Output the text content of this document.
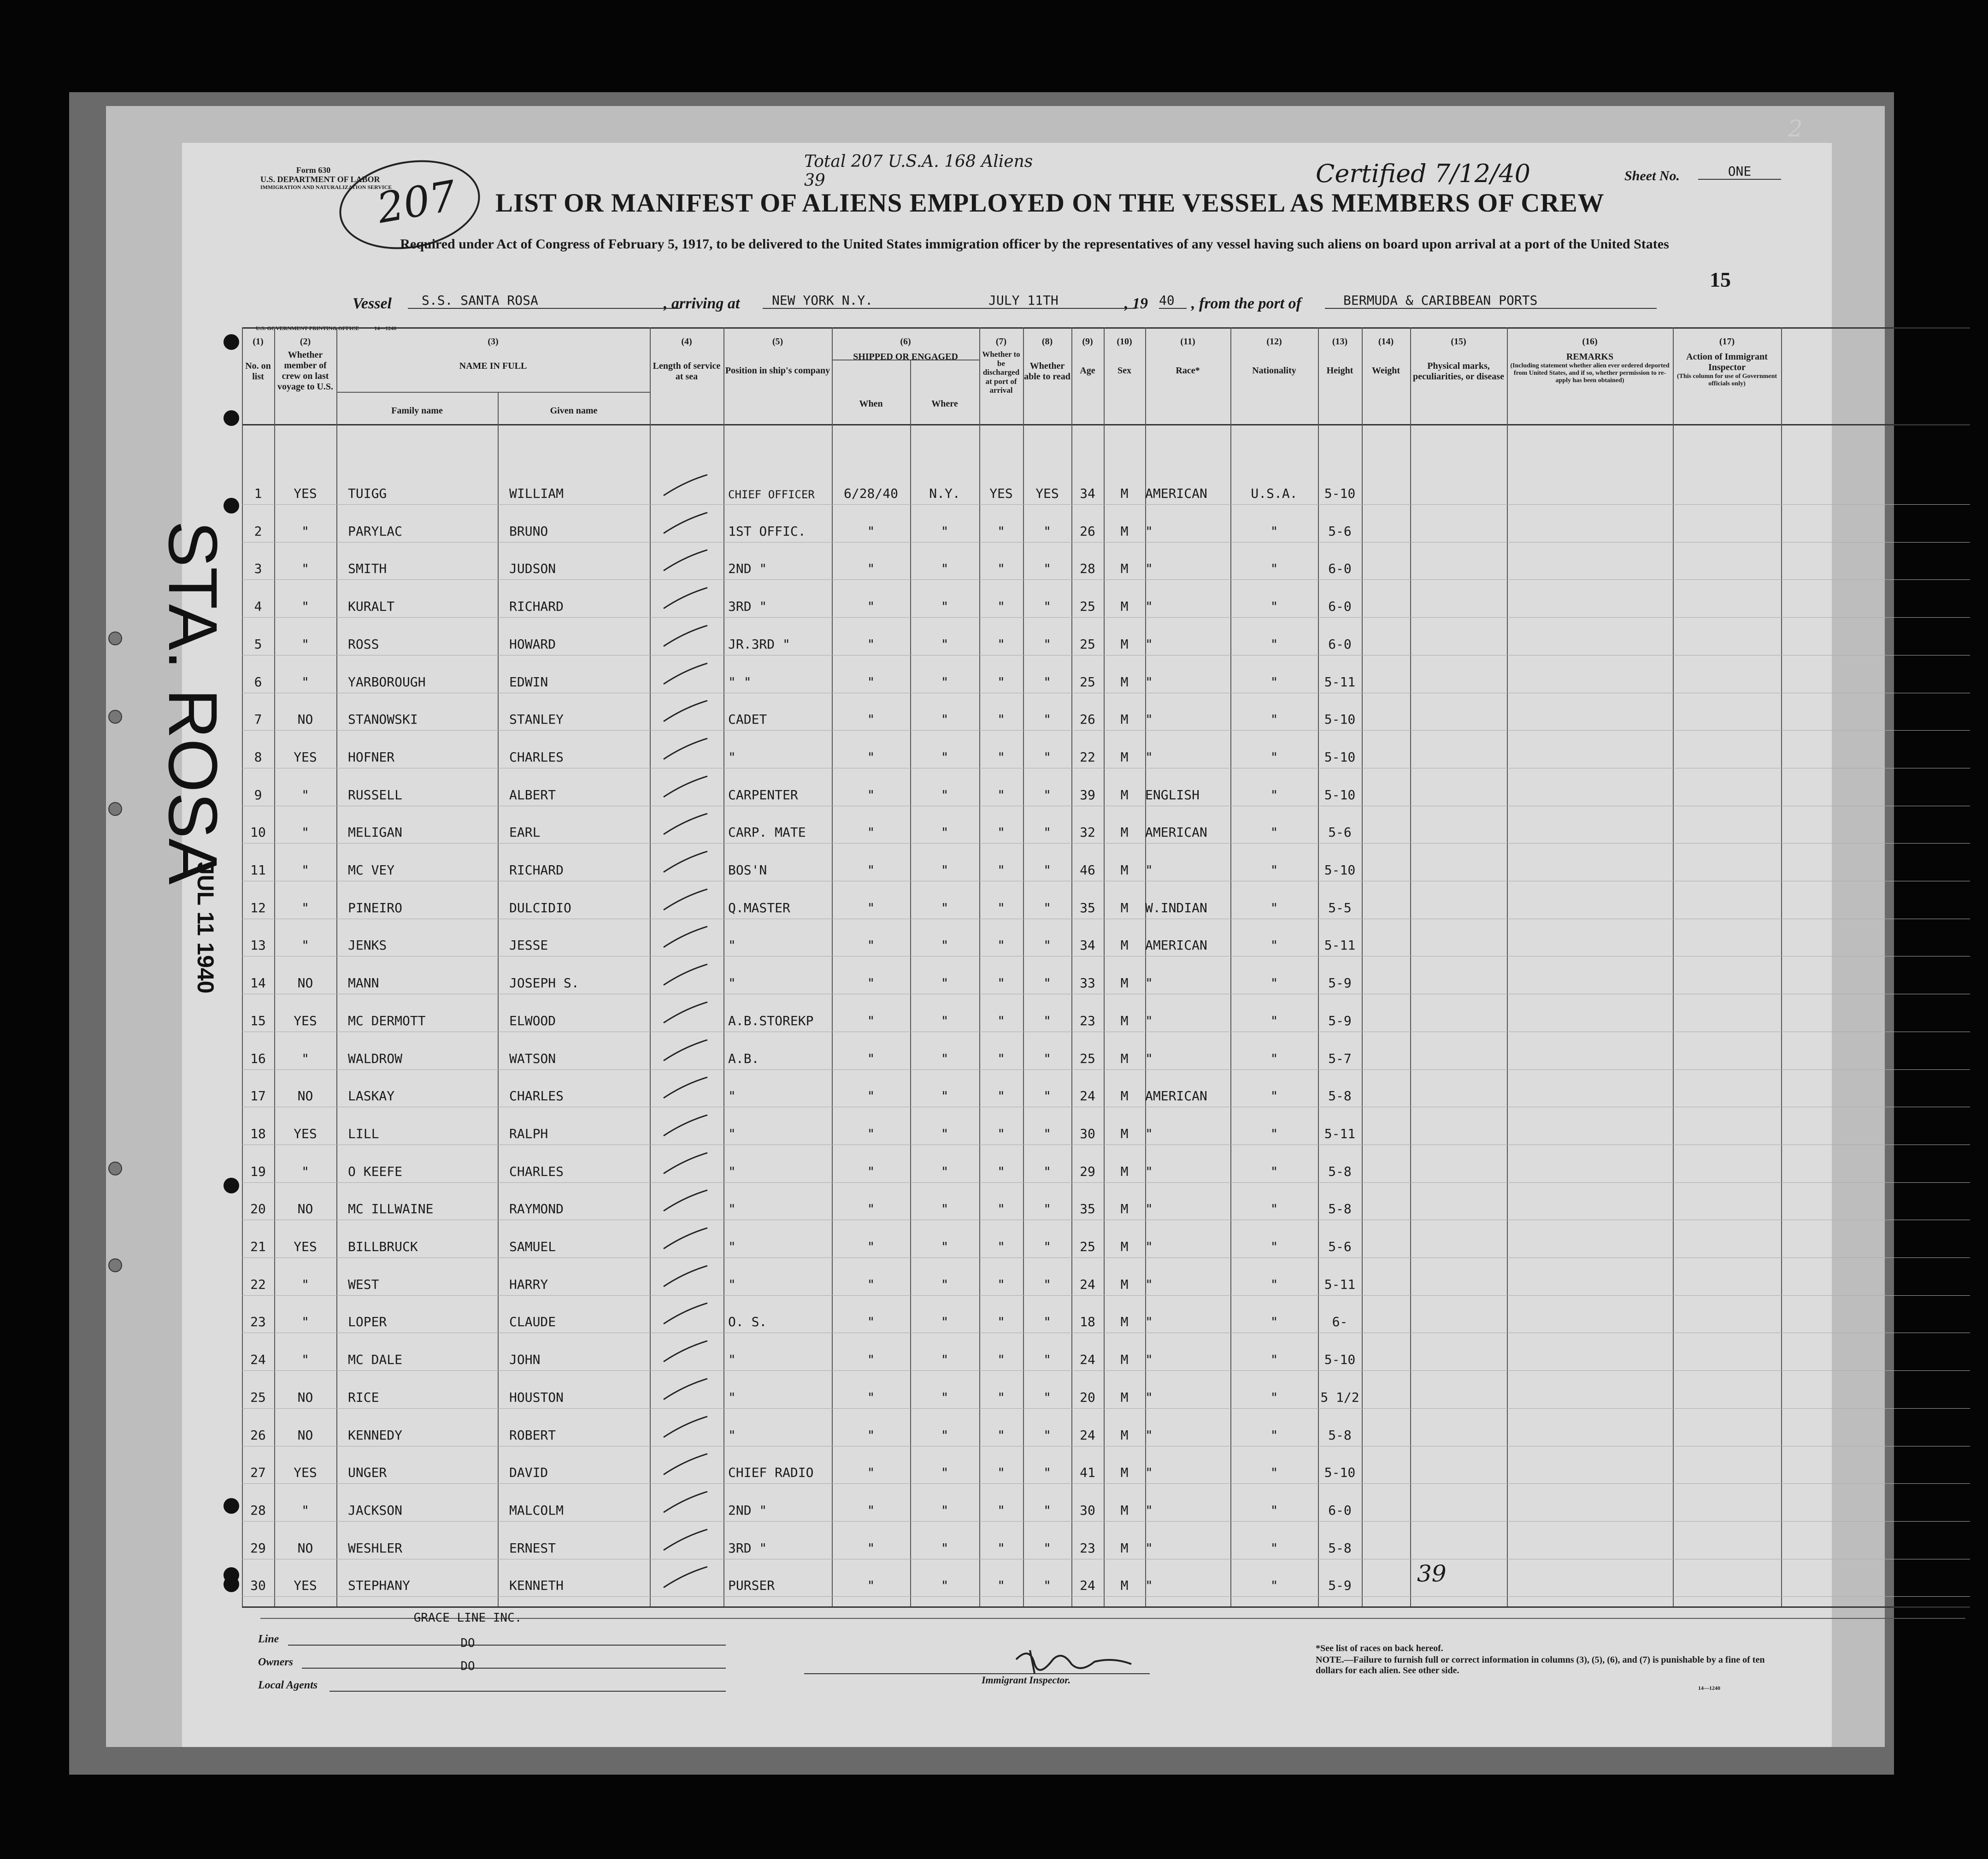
Form 630
U.S. DEPARTMENT OF LABOR
IMMIGRATION AND NATURALIZATION SERVICE
207
Total 207 U.S.A. 168 Aliens 39	Certified 7/12/40	Sheet No.	ONE
LIST OR MANIFEST OF ALIENS EMPLOYED ON THE VESSEL AS MEMBERS OF CREW
Required under Act of Congress of February 5, 1917, to be delivered to the United States immigration officer by the representatives of any vessel having such aliens on board upon arrival at a port of the United States
15
Vessel	S.S. SANTA ROSA	, arriving at	NEW YORK N.Y.	JULY 11TH	, 19 40	, from the port of	BERMUDA & CARIBBEAN PORTS
U.S. GOVERNMENT PRINTING OFFICE	14—1240
(1)
No. on list
(2)
Whether member of crew on last voyage to U.S.
(3)
NAME IN FULL
Family name	Given name
(4)
Length of service at sea
(5)
Position in ship's company
(6)
SHIPPED OR ENGAGED
When	Where
(7)
Whether to be discharged at port of arrival
(8)
Whether able to read
(9)
Age
(10)
Sex
(11)
Race*
(12)
Nationality
(13)
Height
(14)
Weight
(15)
Physical marks, peculiarities, or disease
(16)
REMARKS
(Including statement whether alien ever ordered deported from United States, and if so, whether permission to re-apply has been obtained)
(17)
Action of Immigrant Inspector
(This column for use of Government officials only)
STA. ROSA
JUL 11 1940
1	YES	TUIGG	WILLIAM	CHIEF OFFICER	6/28/40	N.Y.	YES	YES	34	M	AMERICAN	U.S.A.	5-10
2	"	PARYLAC	BRUNO	1ST OFFIC.	"	"	"	"	26	M	"	"	5-6
3	"	SMITH	JUDSON	2ND "	"	"	"	"	28	M	"	"	6-0
4	"	KURALT	RICHARD	3RD "	"	"	"	"	25	M	"	"	6-0
5	"	ROSS	HOWARD	JR.3RD "	"	"	"	"	25	M	"	"	6-0
6	"	YARBOROUGH	EDWIN	" "	"	"	"	"	25	M	"	"	5-11
7	NO	STANOWSKI	STANLEY	CADET	"	"	"	"	26	M	"	"	5-10
8	YES	HOFNER	CHARLES	"	"	"	"	"	22	M	"	"	5-10
9	"	RUSSELL	ALBERT	CARPENTER	"	"	"	"	39	M	ENGLISH	"	5-10
10	"	MELIGAN	EARL	CARP. MATE	"	"	"	"	32	M	AMERICAN	"	5-6
11	"	MC VEY	RICHARD	BOS'N	"	"	"	"	46	M	"	"	5-10
12	"	PINEIRO	DULCIDIO	Q.MASTER	"	"	"	"	35	M	W.INDIAN	"	5-5
13	"	JENKS	JESSE	"	"	"	"	"	34	M	AMERICAN	"	5-11
14	NO	MANN	JOSEPH S.	"	"	"	"	"	33	M	"	"	5-9
15	YES	MC DERMOTT	ELWOOD	A.B.STOREKP	"	"	"	"	23	M	"	"	5-9
16	"	WALDROW	WATSON	A.B.	"	"	"	"	25	M	"	"	5-7
17	NO	LASKAY	CHARLES	"	"	"	"	"	24	M	AMERICAN	"	5-8
18	YES	LILL	RALPH	"	"	"	"	"	30	M	"	"	5-11
19	"	O KEEFE	CHARLES	"	"	"	"	"	29	M	"	"	5-8
20	NO	MC ILLWAINE	RAYMOND	"	"	"	"	"	35	M	"	"	5-8
21	YES	BILLBRUCK	SAMUEL	"	"	"	"	"	25	M	"	"	5-6
22	"	WEST	HARRY	"	"	"	"	"	24	M	"	"	5-11
23	"	LOPER	CLAUDE	O. S.	"	"	"	"	18	M	"	"	6-
24	"	MC DALE	JOHN	"	"	"	"	"	24	M	"	"	5-10
25	NO	RICE	HOUSTON	"	"	"	"	"	20	M	"	"	5 1/2
26	NO	KENNEDY	ROBERT	"	"	"	"	"	24	M	"	"	5-8
27	YES	UNGER	DAVID	CHIEF RADIO	"	"	"	"	41	M	"	"	5-10
28	"	JACKSON	MALCOLM	2ND "	"	"	"	"	30	M	"	"	6-0
29	NO	WESHLER	ERNEST	3RD "	"	"	"	"	23	M	"	"	5-8
30	YES	STEPHANY	KENNETH	PURSER	"	"	"	"	24	M	"	"	5-9	39
Line
GRACE LINE INC.
Owners
DO
Local Agents
DO
Immigrant Inspector.
*See list of races on back hereof.
NOTE.—Failure to furnish full or correct information in columns (3), (5), (6), and (7) is punishable by a fine of ten dollars for each alien. See other side.
14—1240
2
